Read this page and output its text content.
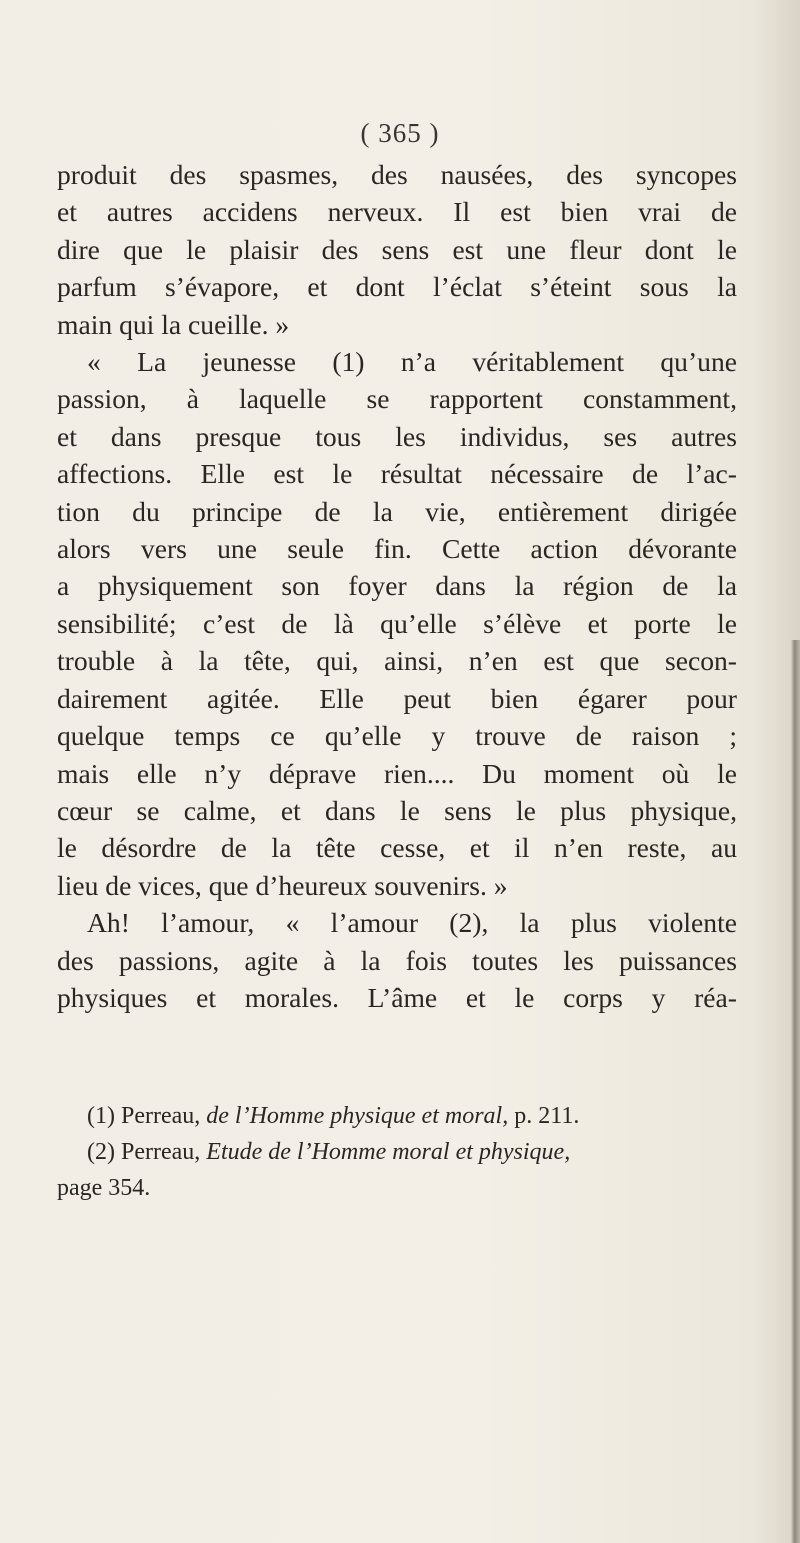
( 365 )
produit des spasmes, des nausées, des syncopes
et autres accidens nerveux. Il est bien vrai de
dire que le plaisir des sens est une fleur dont le
parfum s’évapore, et dont l’éclat s’éteint sous la
main qui la cueille. »
« La jeunesse (1) n’a véritablement qu’une
passion, à laquelle se rapportent constamment,
et dans presque tous les individus, ses autres
affections. Elle est le résultat nécessaire de l’ac-
tion du principe de la vie, entièrement dirigée
alors vers une seule fin. Cette action dévorante
a physiquement son foyer dans la région de la
sensibilité; c’est de là qu’elle s’élève et porte le
trouble à la tête, qui, ainsi, n’en est que secon-
dairement agitée. Elle peut bien égarer pour
quelque temps ce qu’elle y trouve de raison ;
mais elle n’y déprave rien.... Du moment où le
cœur se calme, et dans le sens le plus physique,
le désordre de la tête cesse, et il n’en reste, au
lieu de vices, que d’heureux souvenirs. »
Ah! l’amour, « l’amour (2), la plus violente
des passions, agite à la fois toutes les puissances
physiques et morales. L’âme et le corps y réa-
(1) Perreau, de l’Homme physique et moral, p. 211.
(2) Perreau, Etude de l’Homme moral et physique,
page 354.
